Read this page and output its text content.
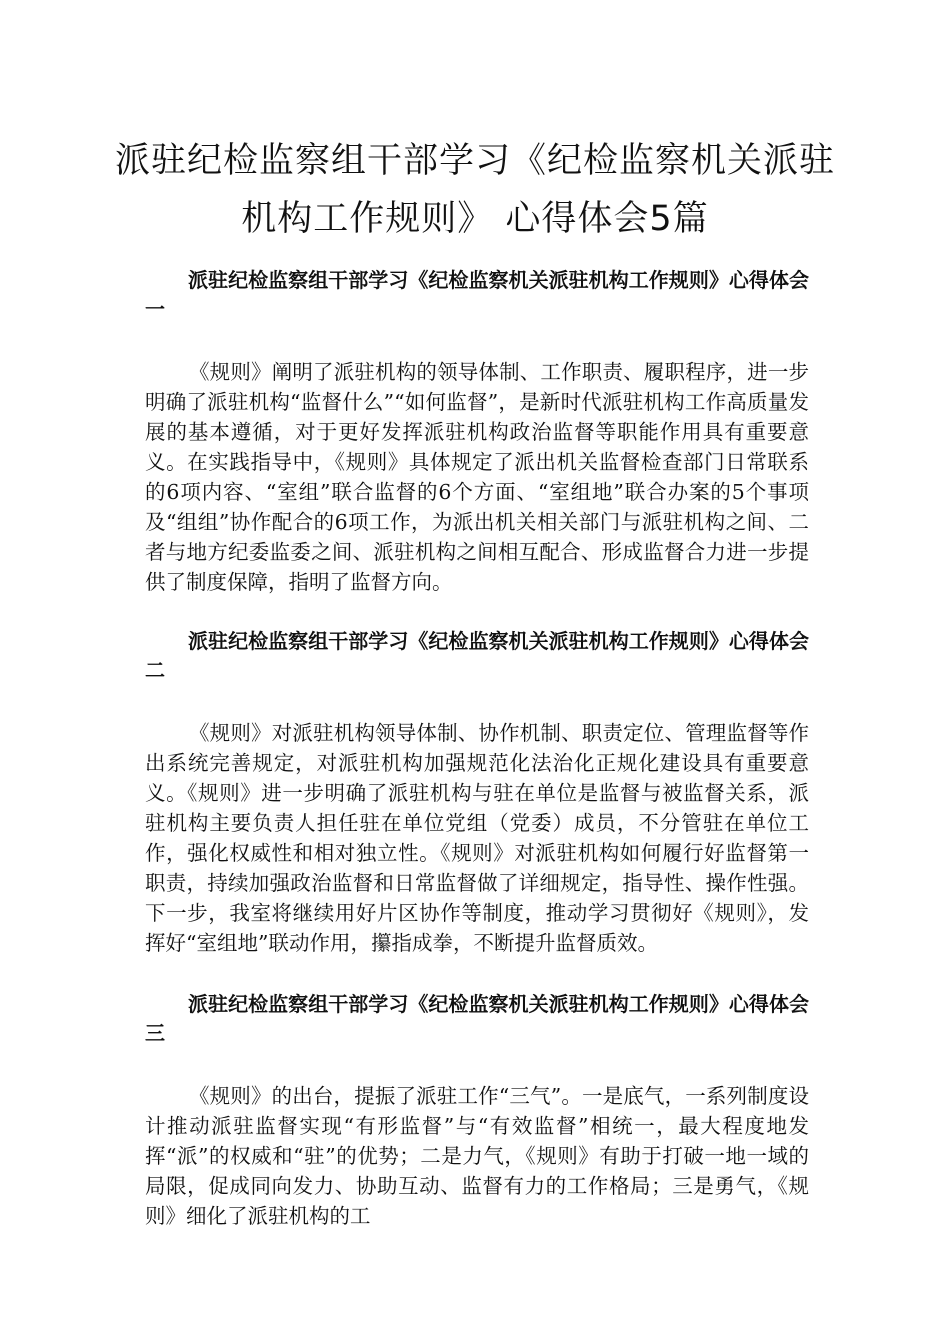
派驻纪检监察组干部学习《纪检监察机关派驻机构工作规则》 心得体会5篇

派驻纪检监察组干部学习《纪检监察机关派驻机构工作规则》心得体会一

《规则》阐明了派驻机构的领导体制、工作职责、履职程序，进一步明确了派驻机构“监督什么”“如何监督”，是新时代派驻机构工作高质量发展的基本遵循，对于更好发挥派驻机构政治监督等职能作用具有重要意义。在实践指导中，《规则》具体规定了派出机关监督检查部门日常联系的6项内容、“室组”联合监督的6个方面、“室组地”联合办案的5个事项及“组组”协作配合的6项工作，为派出机关相关部门与派驻机构之间、二者与地方纪委监委之间、派驻机构之间相互配合、形成监督合力进一步提供了制度保障，指明了监督方向。

派驻纪检监察组干部学习《纪检监察机关派驻机构工作规则》心得体会二

《规则》对派驻机构领导体制、协作机制、职责定位、管理监督等作出系统完善规定，对派驻机构加强规范化法治化正规化建设具有重要意义。《规则》进一步明确了派驻机构与驻在单位是监督与被监督关系，派驻机构主要负责人担任驻在单位党组（党委）成员，不分管驻在单位工作，强化权威性和相对独立性。《规则》对派驻机构如何履行好监督第一职责，持续加强政治监督和日常监督做了详细规定，指导性、操作性强。下一步，我室将继续用好片区协作等制度，推动学习贯彻好《规则》，发挥好“室组地”联动作用，攥指成拳，不断提升监督质效。

派驻纪检监察组干部学习《纪检监察机关派驻机构工作规则》心得体会三

《规则》的出台，提振了派驻工作“三气”。一是底气，一系列制度设计推动派驻监督实现“有形监督”与“有效监督”相统一，最大程度地发挥“派”的权威和“驻”的优势；二是力气，《规则》有助于打破一地一域的局限，促成同向发力、协助互动、监督有力的工作格局；三是勇气，《规则》细化了派驻机构的工
